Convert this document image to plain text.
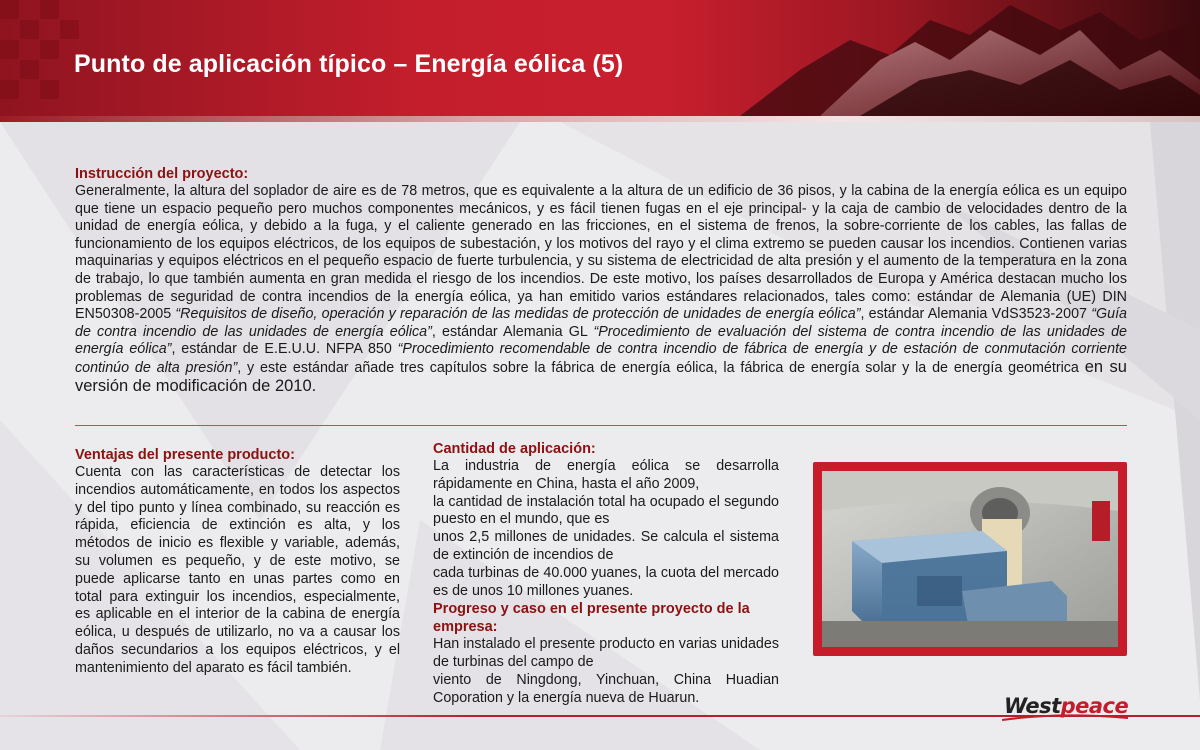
Punto de aplicación típico – Energía eólica (5)
Instrucción del proyecto:

Generalmente, la altura del soplador de aire es de 78 metros, que es equivalente a la altura de un edificio de 36 pisos, y la cabina de la energía eólica es un equipo que tiene un espacio pequeño pero muchos componentes mecánicos, y es fácil tienen fugas en el eje principal- y la caja de cambio de velocidades dentro de la unidad de energía eólica, y debido a la fuga, y el caliente generado en las fricciones, en el sistema de frenos, la sobre-corriente de los cables, las fallas de funcionamiento de los equipos eléctricos, de los equipos de subestación, y los motivos del rayo y el clima extremo se pueden causar los incendios. Contienen varias maquinarias y equipos eléctricos en el pequeño espacio de fuerte turbulencia, y su sistema de electricidad de alta presión y el aumento de la temperatura en la zona de trabajo, lo que también aumenta en gran medida el riesgo de los incendios. De este motivo, los países desarrollados de Europa y América destacan mucho los problemas de seguridad de contra incendios de la energía eólica, ya han emitido varios estándares relacionados, tales como: estándar de Alemania (UE) DIN EN50308-2005 “Requisitos de diseño, operación y reparación de las medidas de protección de unidades de energía eólica”, estándar Alemania VdS3523-2007 “Guía de contra incendio de las unidades de energía eólica”, estándar Alemania GL “Procedimiento de evaluación del sistema de contra incendio de las unidades de energía eólica”, estándar de E.E.U.U. NFPA 850 “Procedimiento recomendable de contra incendio de fábrica de energía y de estación de conmutación corriente continúo de alta presión”, y este estándar añade tres capítulos sobre la fábrica de energía eólica, la fábrica de energía solar y la de energía geométrica en su versión de modificación de 2010.

Ventajas del presente producto:

Cuenta con las características de detectar los incendios automáticamente, en todos los aspectos y del tipo punto y línea combinado, su reacción es rápida, eficiencia de extinción es alta, y los métodos de inicio es flexible y variable, además, su volumen es pequeño, y de este motivo, se puede aplicarse tanto en unas partes como en total para extinguir los incendios, especialmente, es aplicable en el interior de la cabina de energía eólica, u después de utilizarlo, no va a causar los daños secundarios a los equipos eléctricos, y el mantenimiento del aparato es fácil también.

Cantidad de aplicación:

La industria de energía eólica se desarrolla rápidamente en China, hasta el año 2009,
la cantidad de instalación total ha ocupado el segundo puesto en el mundo, que es
unos 2,5 millones de unidades. Se calcula el sistema de extinción de incendios de
cada turbinas de 40.000 yuanes, la cuota del mercado es de unos 10 millones yuanes.

Progreso y caso en el presente proyecto de la empresa:

Han instalado el presente producto en varias unidades de turbinas del campo de
viento de Ningdong, Yinchuan, China Huadian Coporation y la energía nueva de Huarun.	Westpeace
